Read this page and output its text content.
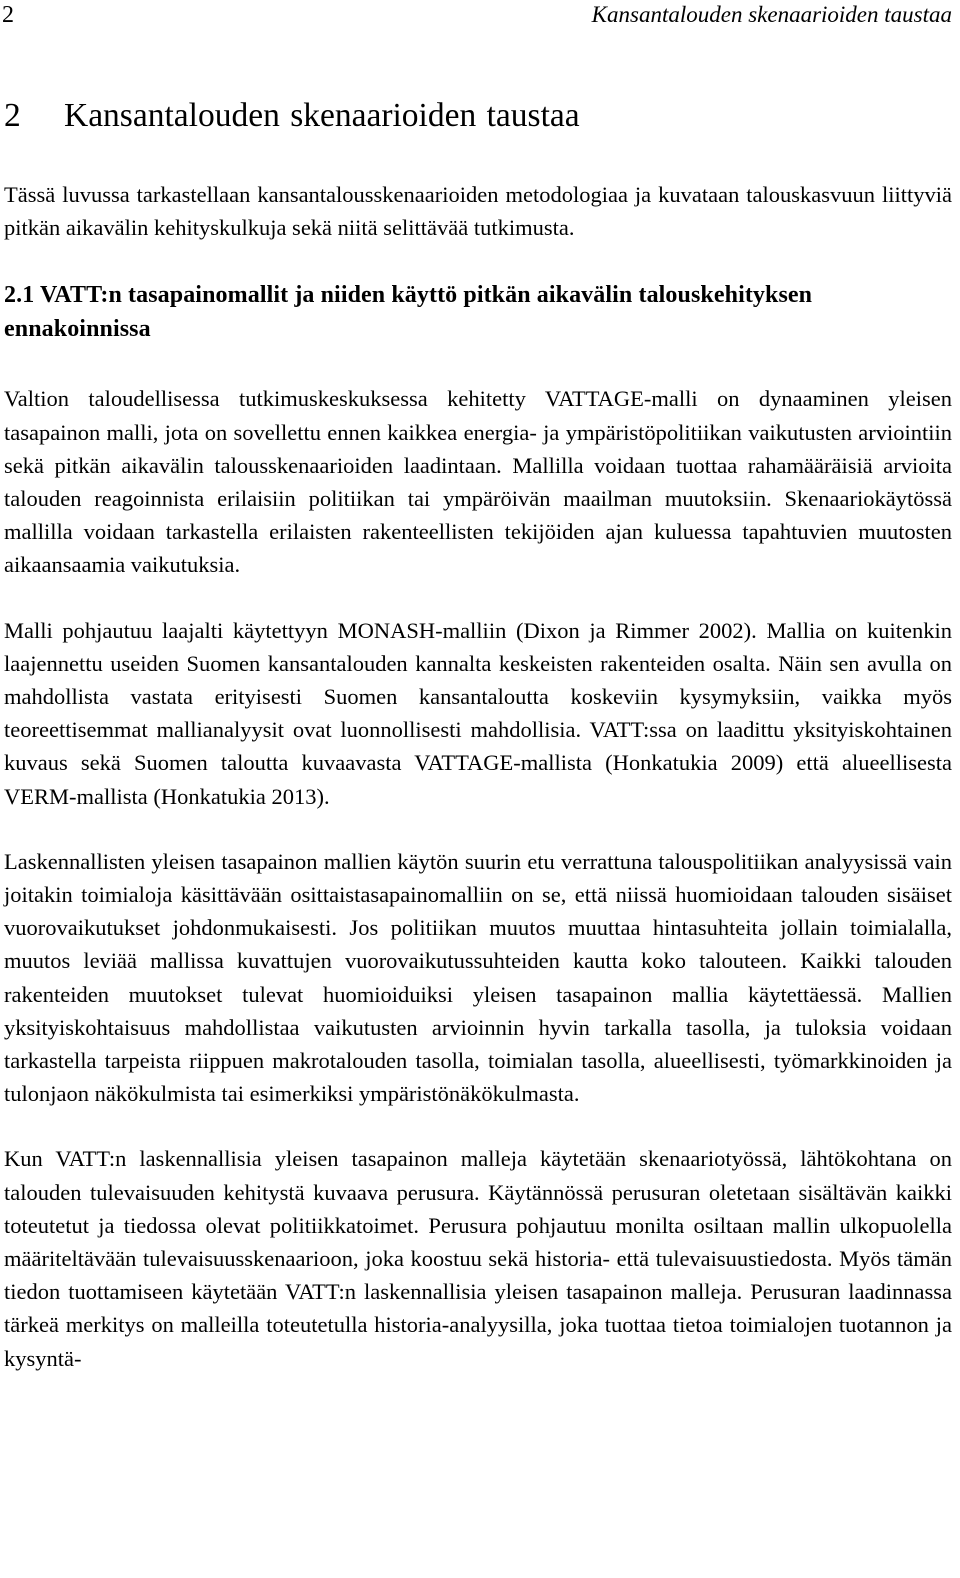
2	Kansantalouden skenaarioiden taustaa
2 Kansantalouden skenaarioiden taustaa

Tässä luvussa tarkastellaan kansantalousskenaarioiden metodologiaa ja kuvataan talouskasvuun liittyviä pitkän aikavälin kehityskulkuja sekä niitä selittävää tutkimusta.

2.1 VATT:n tasapainomallit ja niiden käyttö pitkän aikavälin talouskehityksen ennakoinnissa

Valtion taloudellisessa tutkimuskeskuksessa kehitetty VATTAGE-malli on dynaaminen yleisen tasapainon malli, jota on sovellettu ennen kaikkea energia- ja ympäristöpolitiikan vaikutusten arviointiin sekä pitkän aikavälin talousskenaarioiden laadintaan. Mallilla voidaan tuottaa rahamääräisiä arvioita talouden reagoinnista erilaisiin politiikan tai ympäröivän maailman muutoksiin. Skenaariokäytössä mallilla voidaan tarkastella erilaisten rakenteellisten tekijöiden ajan kuluessa tapahtuvien muutosten aikaansaamia vaikutuksia.

Malli pohjautuu laajalti käytettyyn MONASH-malliin (Dixon ja Rimmer 2002). Mallia on kuitenkin laajennettu useiden Suomen kansantalouden kannalta keskeisten rakenteiden osalta. Näin sen avulla on mahdollista vastata erityisesti Suomen kansantaloutta koskeviin kysymyksiin, vaikka myös teoreettisemmat mallianalyysit ovat luonnollisesti mahdollisia. VATT:ssa on laadittu yksityiskohtainen kuvaus sekä Suomen taloutta kuvaavasta VATTAGE-mallista (Honkatukia 2009) että alueellisesta VERM-mallista (Honkatukia 2013).

Laskennallisten yleisen tasapainon mallien käytön suurin etu verrattuna talouspolitiikan analyysissä vain joitakin toimialoja käsittävään osittaistasapainomalliin on se, että niissä huomioidaan talouden sisäiset vuorovaikutukset johdonmukaisesti. Jos politiikan muutos muuttaa hintasuhteita jollain toimialalla, muutos leviää mallissa kuvattujen vuorovaikutussuhteiden kautta koko talouteen. Kaikki talouden rakenteiden muutokset tulevat huomioiduiksi yleisen tasapainon mallia käytettäessä. Mallien yksityiskohtaisuus mahdollistaa vaikutusten arvioinnin hyvin tarkalla tasolla, ja tuloksia voidaan tarkastella tarpeista riippuen makrotalouden tasolla, toimialan tasolla, alueellisesti, työmarkkinoiden ja tulonjaon näkökulmista tai esimerkiksi ympäristönäkökulmasta.

Kun VATT:n laskennallisia yleisen tasapainon malleja käytetään skenaariotyössä, lähtökohtana on talouden tulevaisuuden kehitystä kuvaava perusura. Käytännössä perusuran oletetaan sisältävän kaikki toteutetut ja tiedossa olevat politiikkatoimet. Perusura pohjautuu monilta osiltaan mallin ulkopuolella määriteltävään tulevaisuusskenaarioon, joka koostuu sekä historia- että tulevaisuustiedosta. Myös tämän tiedon tuottamiseen käytetään VATT:n laskennallisia yleisen tasapainon malleja. Perusuran laadinnassa tärkeä merkitys on malleilla toteutetulla historia-analyysilla, joka tuottaa tietoa toimialojen tuotannon ja kysyntä-
